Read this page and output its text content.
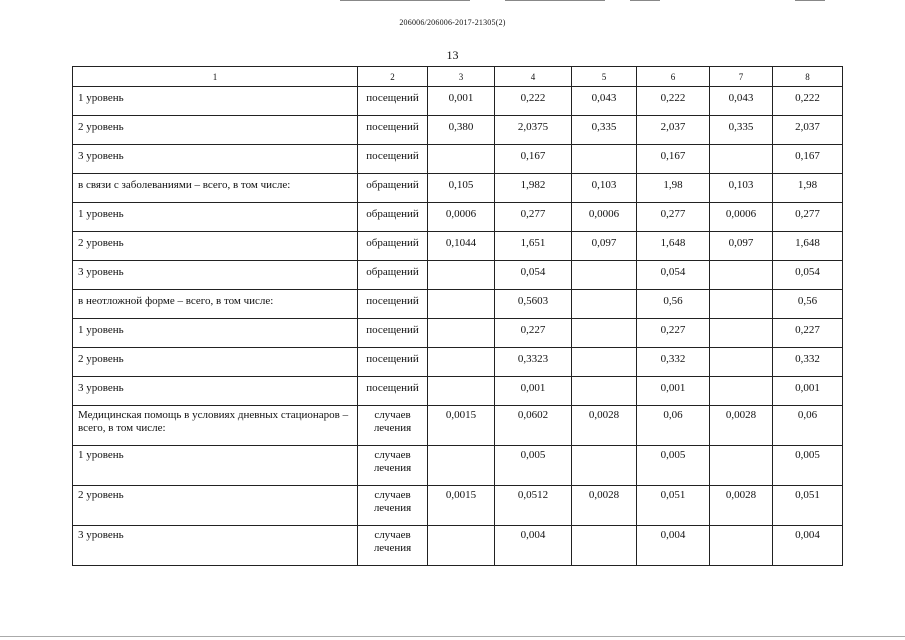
206006/206006-2017-21305(2)
13
1	2	3	4	5	6	7	8
1 уровень	посещений	0,001	0,222	0,043	0,222	0,043	0,222
2 уровень	посещений	0,380	2,0375	0,335	2,037	0,335	2,037
3 уровень	посещений		0,167		0,167		0,167
в связи с заболеваниями – всего, в том числе:	обращений	0,105	1,982	0,103	1,98	0,103	1,98
1 уровень	обращений	0,0006	0,277	0,0006	0,277	0,0006	0,277
2 уровень	обращений	0,1044	1,651	0,097	1,648	0,097	1,648
3 уровень	обращений		0,054		0,054		0,054
в неотложной форме – всего, в том числе:	посещений		0,5603		0,56		0,56
1 уровень	посещений		0,227		0,227		0,227
2 уровень	посещений		0,3323		0,332		0,332
3 уровень	посещений		0,001		0,001		0,001
Медицинская помощь в условиях дневных стационаров – всего, в том числе:	случаев лечения	0,0015	0,0602	0,0028	0,06	0,0028	0,06
1 уровень	случаев лечения		0,005		0,005		0,005
2 уровень	случаев лечения	0,0015	0,0512	0,0028	0,051	0,0028	0,051
3 уровень	случаев лечения		0,004		0,004		0,004
